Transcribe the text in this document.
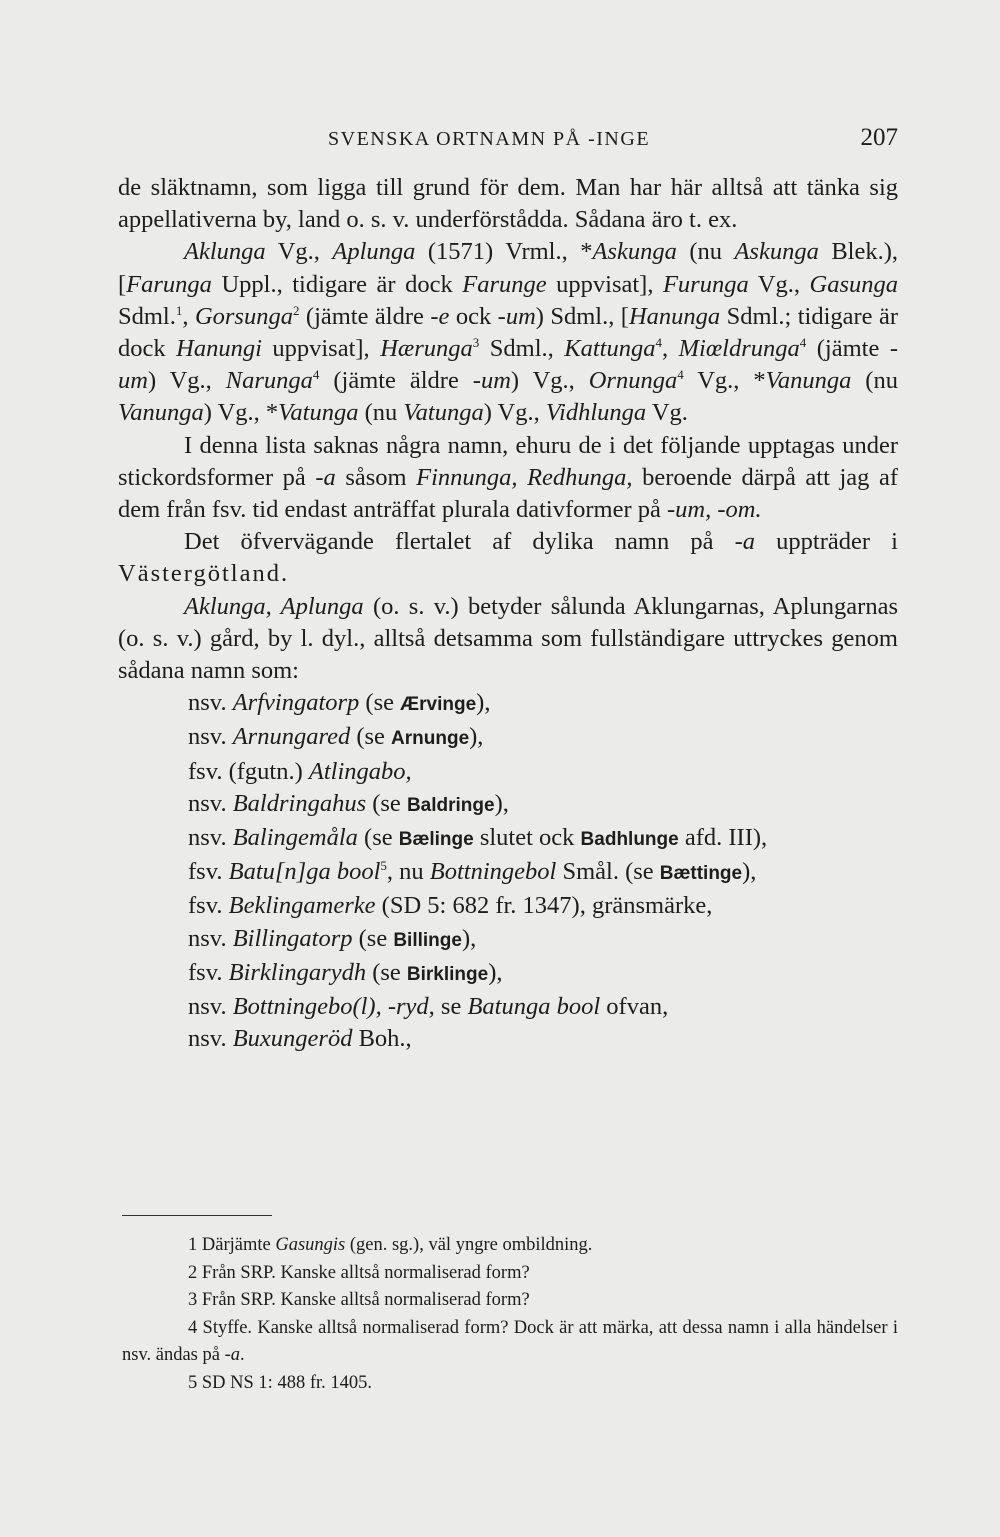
SVENSKA ORTNAMN PÅ -INGE	207

de släktnamn, som ligga till grund för dem. Man har här alltså att tänka sig appellativerna by, land o. s. v. underförstådda. Sådana äro t. ex.

Aklunga Vg., Aplunga (1571) Vrml., *Askunga (nu Askunga Blek.), [Farunga Uppl., tidigare är dock Farunge uppvisat], Furunga Vg., Gasunga Sdml.$^1$, Gorsunga$^2$ (jämte äldre -e ock -um) Sdml., [Hanunga Sdml.; tidigare är dock Hanungi uppvisat], Hærunga$^3$ Sdml., Kattunga$^4$, Miœldrunga$^4$ (jämte -um) Vg., Narunga$^4$ (jämte äldre -um) Vg., Ornunga$^4$ Vg., *Vanunga (nu Vanunga) Vg., *Vatunga (nu Vatunga) Vg., Vidhlunga Vg.

I denna lista saknas några namn, ehuru de i det följande upptagas under stickordsformer på -a såsom Finnunga, Redhunga, beroende därpå att jag af dem från fsv. tid endast anträffat plurala dativformer på -um, -om.

Det öfvervägande flertalet af dylika namn på -a uppträder i Västergötland.

Aklunga, Aplunga (o. s. v.) betyder sålunda Aklungarnas, Aplungarnas (o. s. v.) gård, by l. dyl., alltså detsamma som fullständigare uttryckes genom sådana namn som:

nsv. Arfvingatorp (se Ærvinge),
nsv. Arnungared (se Arnunge),
fsv. (fgutn.) Atlingabo,
nsv. Baldringahus (se Baldringe),
nsv. Balingemåla (se Bælinge slutet ock Badhlunge afd. III),
fsv. Batu[n]ga bool$^5$, nu Bottningebol Smål. (se Bættinge),
fsv. Beklingamerke (SD 5: 682 fr. 1347), gränsmärke,
nsv. Billingatorp (se Billinge),
fsv. Birklingarydh (se Birklinge),
nsv. Bottningebo(l), -ryd, se Batunga bool ofvan,
nsv. Buxungeröd Boh.,

1 Därjämte Gasungis (gen. sg.), väl yngre ombildning.

2 Från SRP. Kanske alltså normaliserad form?

3 Från SRP. Kanske alltså normaliserad form?

4 Styffe. Kanske alltså normaliserad form? Dock är att märka, att dessa namn i alla händelser i nsv. ändas på -a.

5 SD NS 1: 488 fr. 1405.
